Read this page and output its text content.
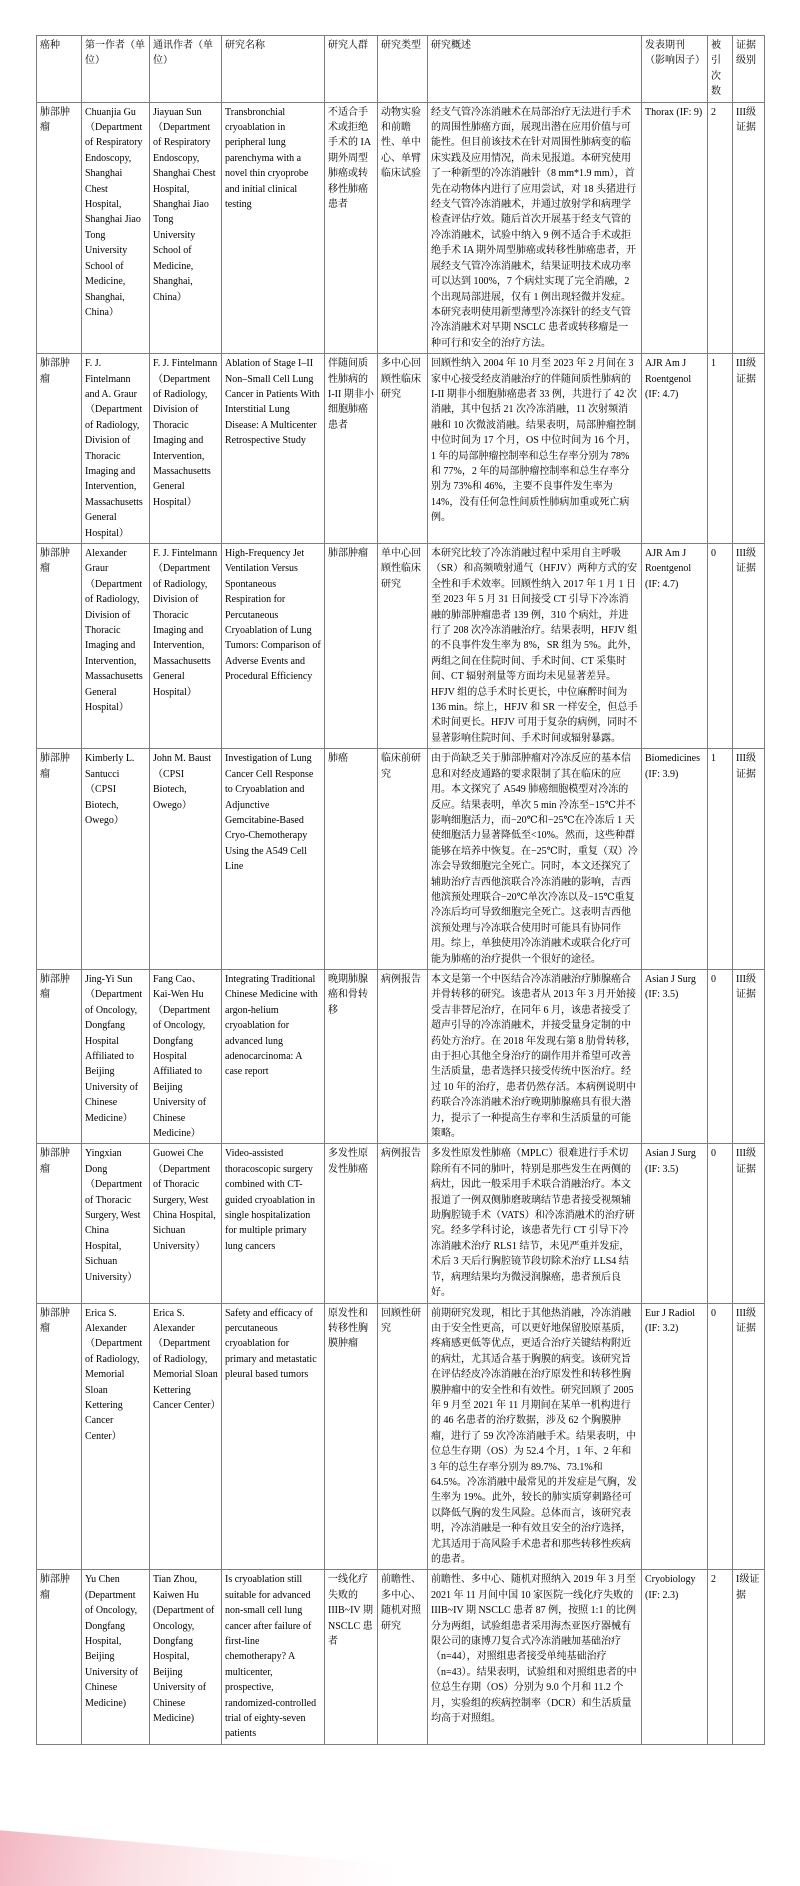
癌种	第一作者（单位）	通讯作者（单位）	研究名称	研究人群	研究类型	研究概述	发表期刊（影响因子）	被引次数	证据级别
肺部肿瘤	Chuanjia Gu（Department of Respiratory Endoscopy, Shanghai Chest Hospital, Shanghai Jiao Tong University School of Medicine, Shanghai, China）	Jiayuan Sun（Department of Respiratory Endoscopy, Shanghai Chest Hospital, Shanghai Jiao Tong University School of Medicine, Shanghai, China）	Transbronchial cryoablation in peripheral lung parenchyma with a novel thin cryoprobe and initial clinical testing	不适合手术或拒绝手术的 IA 期外周型肺癌或转移性肺癌患者	动物实验和前瞻性、单中心、单臂临床试验	经支气管冷冻消融术在局部治疗无法进行手术的周围性肺癌方面，展现出潜在应用价值与可能性。但目前该技术在针对周围性肺病变的临床实践及应用情况，尚未见报道。本研究使用了一种新型的冷冻消融针（8 mm*1.9 mm），首先在动物体内进行了应用尝试，对 18 头猪进行经支气管冷冻消融术，并通过放射学和病理学检查评估疗效。随后首次开展基于经支气管的冷冻消融术，试验中纳入 9 例不适合手术或拒绝手术 IA 期外周型肺癌或转移性肺癌患者，开展经支气管冷冻消融术，结果证明技术成功率可以达到 100%，7 个病灶实现了完全消融，2 个出现局部进展，仅有 1 例出现轻微并发症。本研究表明使用新型薄型冷冻探针的经支气管冷冻消融术对早期 NSCLC 患者或转移瘤是一种可行和安全的治疗方法。	Thorax (IF: 9)	2	III级证据
肺部肿瘤	F. J. Fintelmann and A. Graur（Department of Radiology, Division of Thoracic Imaging and Intervention, Massachusetts General Hospital）	F. J. Fintelmann（Department of Radiology, Division of Thoracic Imaging and Intervention, Massachusetts General Hospital）	Ablation of Stage I–II Non–Small Cell Lung Cancer in Patients With Interstitial Lung Disease: A Multicenter Retrospective Study	伴随间质性肺病的 I-II 期非小细胞肺癌患者	多中心回顾性临床研究	回顾性纳入 2004 年 10 月至 2023 年 2 月间在 3 家中心接受经皮消融治疗的伴随间质性肺病的 I-II 期非小细胞肺癌患者 33 例，共进行了 42 次消融，其中包括 21 次冷冻消融，11 次射频消融和 10 次微波消融。结果表明，局部肿瘤控制中位时间为 17 个月，OS 中位时间为 16 个月，1 年的局部肿瘤控制率和总生存率分别为 78%和 77%，2 年的局部肿瘤控制率和总生存率分别为 73%和 46%，主要不良事件发生率为 14%，没有任何急性间质性肺病加重或死亡病例。	AJR Am J Roentgenol (IF: 4.7)	1	III级证据
肺部肿瘤	Alexander Graur（Department of Radiology, Division of Thoracic Imaging and Intervention, Massachusetts General Hospital）	F. J. Fintelmann（Department of Radiology, Division of Thoracic Imaging and Intervention, Massachusetts General Hospital）	High-Frequency Jet Ventilation Versus Spontaneous Respiration for Percutaneous Cryoablation of Lung Tumors: Comparison of Adverse Events and Procedural Efficiency	肺部肿瘤	单中心回顾性临床研究	本研究比较了冷冻消融过程中采用自主呼吸（SR）和高频喷射通气（HFJV）两种方式的安全性和手术效率。回顾性纳入 2017 年 1 月 1 日至 2023 年 5 月 31 日间接受 CT 引导下冷冻消融的肺部肿瘤患者 139 例，310 个病灶，并进行了 208 次冷冻消融治疗。结果表明，HFJV 组的不良事件发生率为 8%，SR 组为 5%。此外，两组之间在住院时间、手术时间、CT 采集时间、CT 辐射剂量等方面均未见显著差异。HFJV 组的总手术时长更长，中位麻醉时间为 136 min。综上，HFJV 和 SR 一样安全，但总手术时间更长。HFJV 可用于复杂的病例，同时不显著影响住院时间、手术时间或辐射暴露。	AJR Am J Roentgenol (IF: 4.7)	0	III级证据
肺部肿瘤	Kimberly L. Santucci（CPSI Biotech, Owego）	John M. Baust（CPSI Biotech, Owego）	Investigation of Lung Cancer Cell Response to Cryoablation and Adjunctive Gemcitabine-Based Cryo-Chemotherapy Using the A549 Cell Line	肺癌	临床前研究	由于尚缺乏关于肺部肿瘤对冷冻反应的基本信息和对经皮通路的要求限制了其在临床的应用。本文探究了 A549 肺癌细胞模型对冷冻的反应。结果表明，单次 5 min 冷冻至−15℃并不影响细胞活力，而−20℃和−25℃在冷冻后 1 天使细胞活力显著降低至<10%。然而，这些种群能够在培养中恢复。在−25℃时，重复（双）冷冻会导致细胞完全死亡。同时，本文还探究了辅助治疗吉西他滨联合冷冻消融的影响，吉西他滨预处理联合−20℃单次冷冻以及−15℃重复冷冻后均可导致细胞完全死亡。这表明吉西他滨预处理与冷冻联合使用时可能具有协同作用。综上，单独使用冷冻消融术或联合化疗可能为肺癌的治疗提供一个很好的途径。	Biomedicines (IF: 3.9)	1	III级证据
肺部肿瘤	Jing-Yi Sun（Department of Oncology, Dongfang Hospital Affiliated to Beijing University of Chinese Medicine）	Fang Cao、Kai-Wen Hu（Department of Oncology, Dongfang Hospital Affiliated to Beijing University of Chinese Medicine）	Integrating Traditional Chinese Medicine with argon-helium cryoablation for advanced lung adenocarcinoma: A case report	晚期肺腺癌和骨转移	病例报告	本文是第一个中医结合冷冻消融治疗肺腺癌合并骨转移的研究。该患者从 2013 年 3 月开始接受吉非替尼治疗，在同年 6 月，该患者接受了超声引导的冷冻消融术，并接受量身定制的中药处方治疗。在 2018 年发现右第 8 肋骨转移，由于担心其他全身治疗的副作用并希望可改善生活质量，患者选择只接受传统中医治疗。经过 10 年的治疗，患者仍然存活。本病例说明中药联合冷冻消融术治疗晚期肺腺癌具有很大潜力，提示了一种提高生存率和生活质量的可能策略。	Asian J Surg (IF: 3.5)	0	III级证据
肺部肿瘤	Yingxian Dong（Department of Thoracic Surgery, West China Hospital, Sichuan University）	Guowei Che（Department of Thoracic Surgery, West China Hospital, Sichuan University）	Video-assisted thoracoscopic surgery combined with CT-guided cryoablation in single hospitalization for multiple primary lung cancers	多发性原发性肺癌	病例报告	多发性原发性肺癌（MPLC）很难进行手术切除所有不同的肺叶，特别是那些发生在两侧的病灶，因此一般采用手术联合消融治疗。本文报道了一例双侧肺磨玻璃结节患者接受视频辅助胸腔镜手术（VATS）和冷冻消融术的治疗研究。经多学科讨论，该患者先行 CT 引导下冷冻消融术治疗 RLS1 结节，未见严重并发症，术后 3 天后行胸腔镜节段切除术治疗 LLS4 结节，病理结果均为微浸润腺癌，患者预后良好。	Asian J Surg (IF: 3.5)	0	III级证据
肺部肿瘤	Erica S. Alexander（Department of Radiology, Memorial Sloan Kettering Cancer Center）	Erica S. Alexander（Department of Radiology, Memorial Sloan Kettering Cancer Center）	Safety and efficacy of percutaneous cryoablation for primary and metastatic pleural based tumors	原发性和转移性胸膜肿瘤	回顾性研究	前期研究发现，相比于其他热消融，冷冻消融由于安全性更高，可以更好地保留胶原基质，疼痛感更低等优点，更适合治疗关键结构附近的病灶，尤其适合基于胸膜的病变。该研究旨在评估经皮冷冻消融在治疗原发性和转移性胸膜肿瘤中的安全性和有效性。研究回顾了 2005 年 9 月至 2021 年 11 月期间在某单一机构进行的 46 名患者的治疗数据，涉及 62 个胸膜肿瘤，进行了 59 次冷冻消融手术。结果表明，中位总生存期（OS）为 52.4 个月，1 年、2 年和 3 年的总生存率分别为 89.7%、73.1%和 64.5%。冷冻消融中最常见的并发症是气胸，发生率为 19%。此外，较长的肺实质穿刺路径可以降低气胸的发生风险。总体而言，该研究表明，冷冻消融是一种有效且安全的治疗选择，尤其适用于高风险手术患者和那些转移性疾病的患者。	Eur J Radiol (IF: 3.2)	0	III级证据
肺部肿瘤	Yu Chen (Department of Oncology, Dongfang Hospital, Beijing University of Chinese Medicine)	Tian Zhou, Kaiwen Hu (Department of Oncology, Dongfang Hospital, Beijing University of Chinese Medicine)	Is cryoablation still suitable for advanced non-small cell lung cancer after failure of first-line chemotherapy? A multicenter, prospective, randomized-controlled trial of eighty-seven patients	一线化疗失败的 IIIB~IV 期 NSCLC 患者	前瞻性、多中心、随机对照研究	前瞻性、多中心、随机对照纳入 2019 年 3 月至 2021 年 11 月间中国 10 家医院一线化疗失败的 IIIB~IV 期 NSCLC 患者 87 例，按照 1:1 的比例分为两组，试验组患者采用海杰亚医疗器械有限公司的康博刀复合式冷冻消融加基础治疗（n=44），对照组患者接受单纯基础治疗（n=43）。结果表明，试验组和对照组患者的中位总生存期（OS）分别为 9.0 个月和 11.2 个月，实验组的疾病控制率（DCR）和生活质量均高于对照组。	Cryobiology (IF: 2.3)	2	I级证据
